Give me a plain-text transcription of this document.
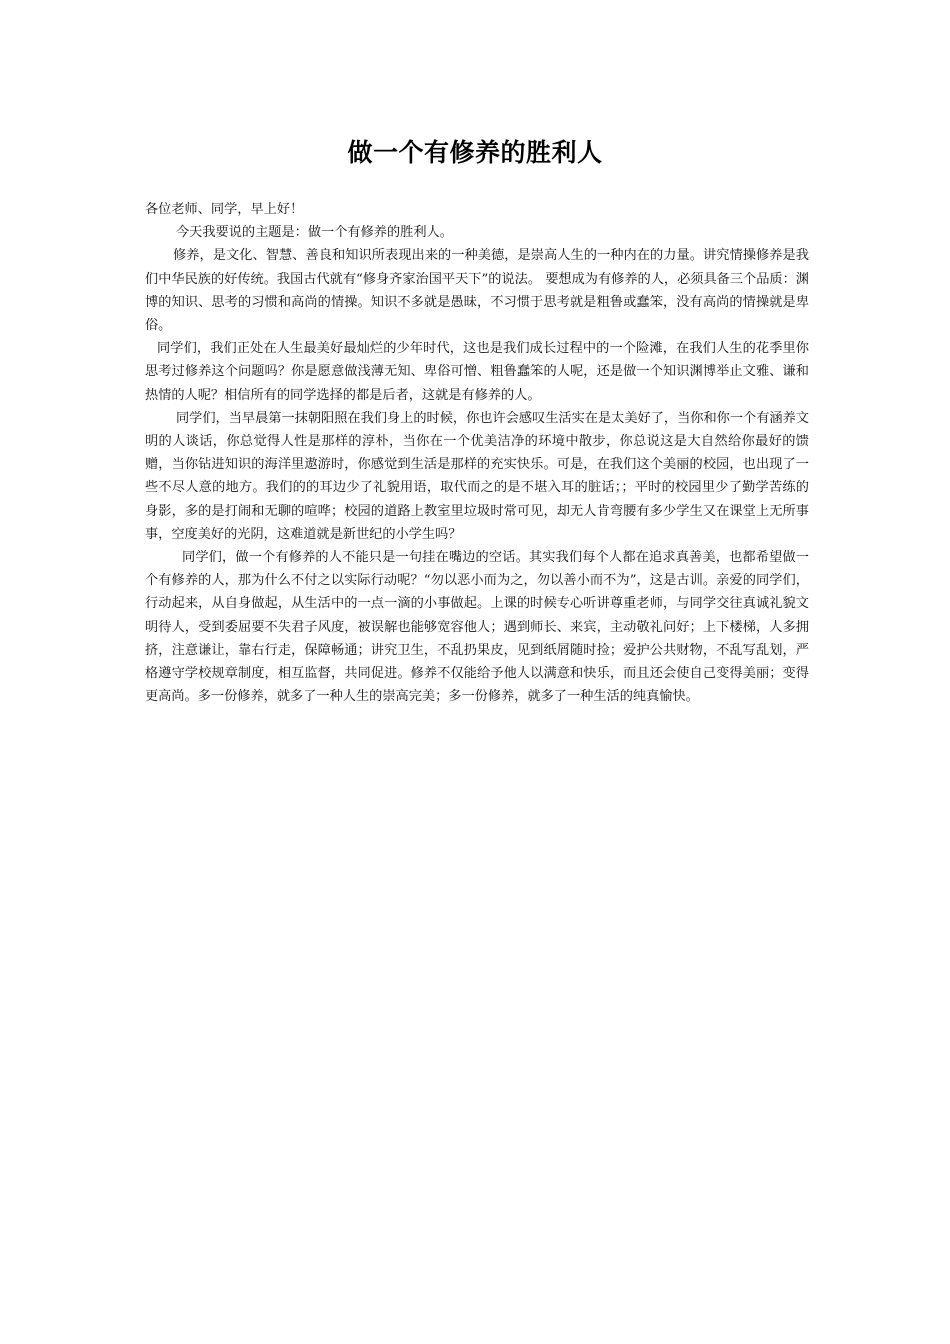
做一个有修养的胜利人

各位老师、同学，早上好！

今天我要说的主题是：做一个有修养的胜利人。

修养，是文化、智慧、善良和知识所表现出来的一种美德，是崇高人生的一种内在的力量。讲究情操修养是我们中华民族的好传统。我国古代就有“修身齐家治国平天下”的说法。 要想成为有修养的人，必须具备三个品质：渊博的知识、思考的习惯和高尚的情操。知识不多就是愚昧，不习惯于思考就是粗鲁或蠢笨，没有高尚的情操就是卑俗。

同学们，我们正处在人生最美好最灿烂的少年时代，这也是我们成长过程中的一个险滩，在我们人生的花季里你思考过修养这个问题吗？你是愿意做浅薄无知、卑俗可憎、粗鲁蠢笨的人呢，还是做一个知识渊博举止文雅、谦和热情的人呢？相信所有的同学选择的都是后者，这就是有修养的人。

同学们，当早晨第一抹朝阳照在我们身上的时候，你也许会感叹生活实在是太美好了，当你和你一个有涵养文明的人谈话，你总觉得人性是那样的淳朴，当你在一个优美洁净的环境中散步，你总说这是大自然给你最好的馈赠，当你钻进知识的海洋里遨游时，你感觉到生活是那样的充实快乐。可是，在我们这个美丽的校园，也出现了一些不尽人意的地方。我们的的耳边少了礼貌用语，取代而之的是不堪入耳的脏话；；平时的校园里少了勤学苦练的身影，多的是打闹和无聊的喧哗；校园的道路上教室里垃圾时常可见，却无人肯弯腰有多少学生又在课堂上无所事事，空度美好的光阴，这难道就是新世纪的小学生吗？

同学们，做一个有修养的人不能只是一句挂在嘴边的空话。其实我们每个人都在追求真善美，也都希望做一个有修养的人，那为什么不付之以实际行动呢？“勿以恶小而为之，勿以善小而不为”，这是古训。亲爱的同学们，行动起来，从自身做起，从生活中的一点一滴的小事做起。上课的时候专心听讲尊重老师，与同学交往真诚礼貌文明待人，受到委屈要不失君子风度，被误解也能够宽容他人；遇到师长、来宾，主动敬礼问好；上下楼梯，人多拥挤，注意谦让，靠右行走，保障畅通；讲究卫生，不乱扔果皮，见到纸屑随时捡；爱护公共财物，不乱写乱划，严格遵守学校规章制度，相互监督，共同促进。修养不仅能给予他人以满意和快乐，而且还会使自己变得美丽；变得更高尚。多一份修养，就多了一种人生的崇高完美；多一份修养，就多了一种生活的纯真愉快。
